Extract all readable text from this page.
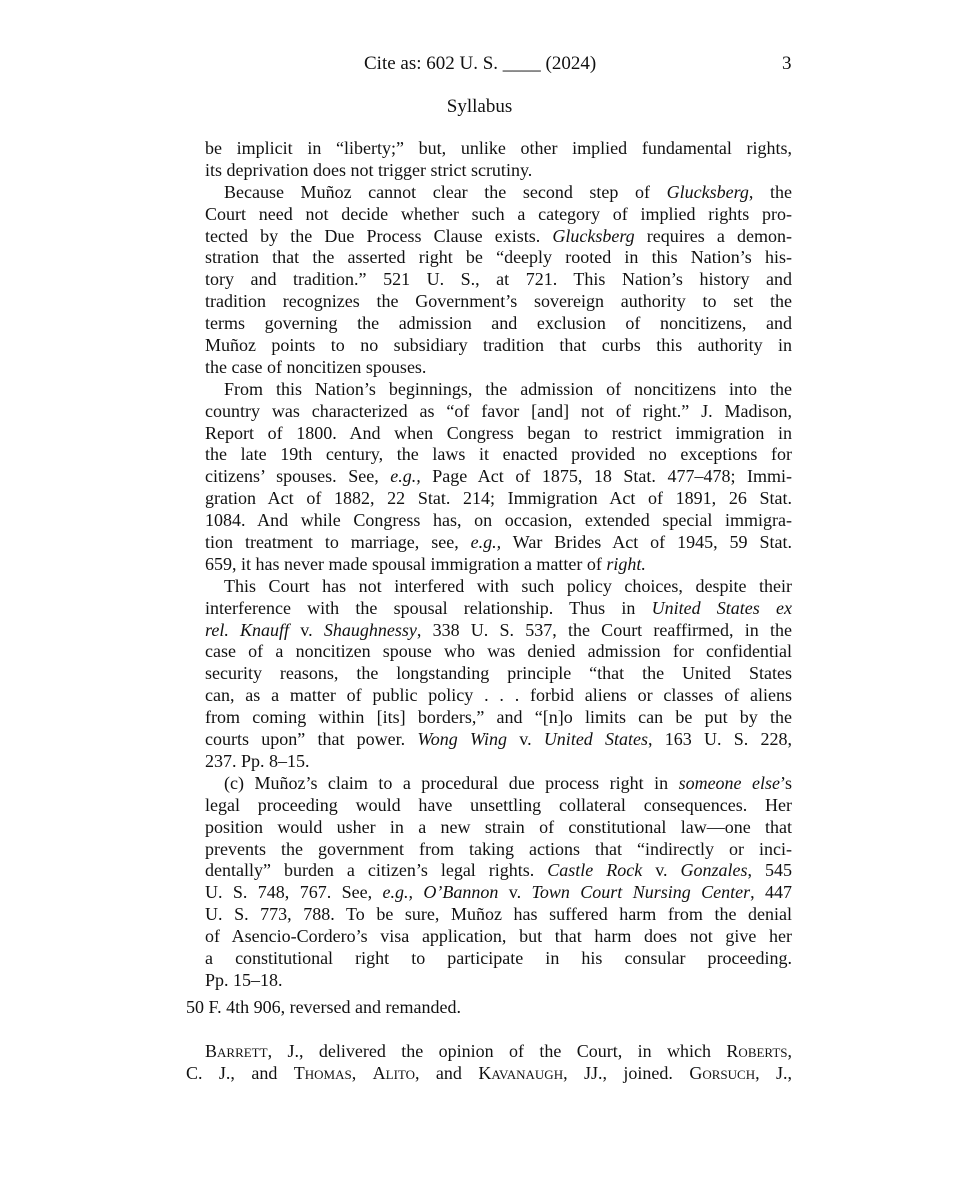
Cite as: 602 U. S. ____ (2024)	3
Syllabus
be implicit in “liberty;” but, unlike other implied fundamental rights,
its deprivation does not trigger strict scrutiny.
Because Muñoz cannot clear the second step of Glucksberg, the
Court need not decide whether such a category of implied rights pro-
tected by the Due Process Clause exists. Glucksberg requires a demon-
stration that the asserted right be “deeply rooted in this Nation’s his-
tory and tradition.” 521 U. S., at 721. This Nation’s history and
tradition recognizes the Government’s sovereign authority to set the
terms governing the admission and exclusion of noncitizens, and
Muñoz points to no subsidiary tradition that curbs this authority in
the case of noncitizen spouses.
From this Nation’s beginnings, the admission of noncitizens into the
country was characterized as “of favor [and] not of right.” J. Madison,
Report of 1800. And when Congress began to restrict immigration in
the late 19th century, the laws it enacted provided no exceptions for
citizens’ spouses. See, e.g., Page Act of 1875, 18 Stat. 477–478; Immi-
gration Act of 1882, 22 Stat. 214; Immigration Act of 1891, 26 Stat.
1084. And while Congress has, on occasion, extended special immigra-
tion treatment to marriage, see, e.g., War Brides Act of 1945, 59 Stat.
659, it has never made spousal immigration a matter of right.
This Court has not interfered with such policy choices, despite their
interference with the spousal relationship. Thus in United States ex
rel. Knauff v. Shaughnessy, 338 U. S. 537, the Court reaffirmed, in the
case of a noncitizen spouse who was denied admission for confidential
security reasons, the longstanding principle “that the United States
can, as a matter of public policy . . . forbid aliens or classes of aliens
from coming within [its] borders,” and “[n]o limits can be put by the
courts upon” that power. Wong Wing v. United States, 163 U. S. 228,
237. Pp. 8–15.
(c) Muñoz’s claim to a procedural due process right in someone else’s
legal proceeding would have unsettling collateral consequences. Her
position would usher in a new strain of constitutional law—one that
prevents the government from taking actions that “indirectly or inci-
dentally” burden a citizen’s legal rights. Castle Rock v. Gonzales, 545
U. S. 748, 767. See, e.g., O’Bannon v. Town Court Nursing Center, 447
U. S. 773, 788. To be sure, Muñoz has suffered harm from the denial
of Asencio-Cordero’s visa application, but that harm does not give her
a constitutional right to participate in his consular proceeding.
Pp. 15–18.
50 F. 4th 906, reversed and remanded.
Barrett, J., delivered the opinion of the Court, in which Roberts,
C. J., and Thomas, Alito, and Kavanaugh, JJ., joined. Gorsuch, J.,
